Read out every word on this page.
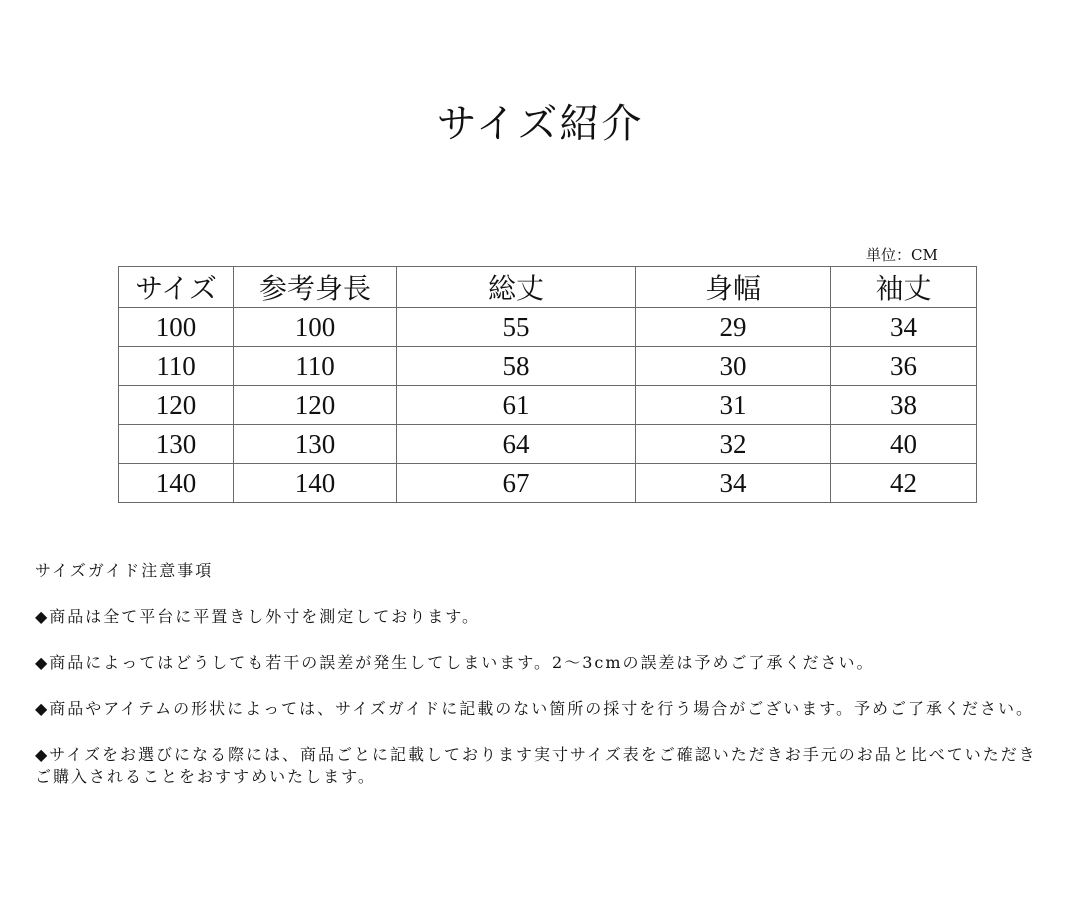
サイズ紹介
単位：CM
サイズ	参考身長	総丈	身幅	袖丈
100	100	55	29	34
110	110	58	30	36
120	120	61	31	38
130	130	64	32	40
140	140	67	34	42
サイズガイド注意事項
◆商品は全て平台に平置きし外寸を測定しております。
◆商品によってはどうしても若干の誤差が発生してしまいます。2～3cmの誤差は予めご了承ください。
◆商品やアイテムの形状によっては、サイズガイドに記載のない箇所の採寸を行う場合がございます。予めご了承ください。
◆サイズをお選びになる際には、商品ごとに記載しております実寸サイズ表をご確認いただきお手元のお品と比べていただきご購入されることをおすすめいたします。
